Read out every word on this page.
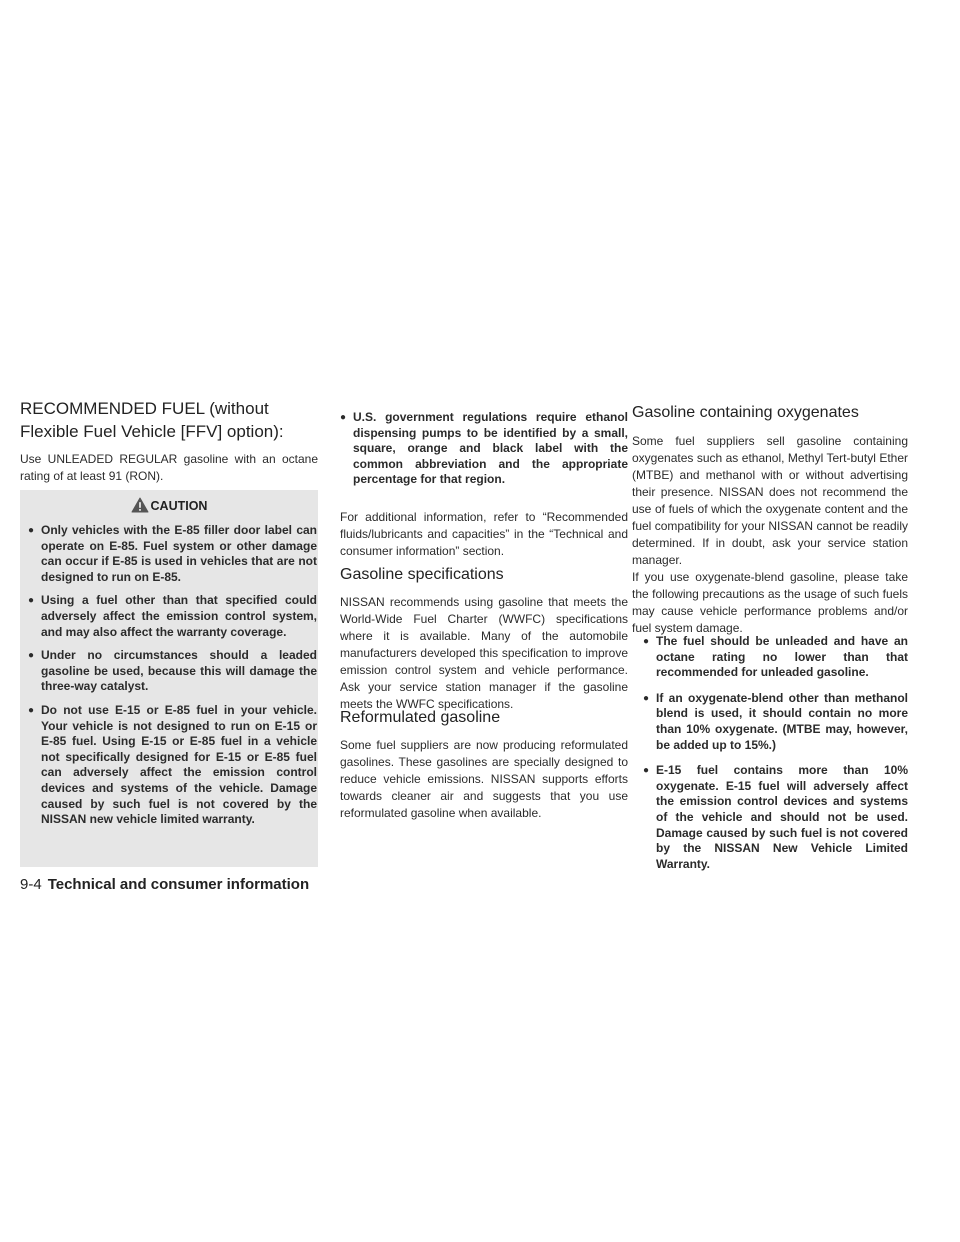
RECOMMENDED FUEL (without
Flexible Fuel Vehicle [FFV] option):

Use UNLEADED REGULAR gasoline with an octane rating of at least 91 (RON).

CAUTION
● Only vehicles with the E-85 filler door label can operate on E-85. Fuel system or other damage can occur if E-85 is used in vehicles that are not designed to run on E-85.
● Using a fuel other than that specified could adversely affect the emission control system, and may also affect the warranty coverage.
● Under no circumstances should a leaded gasoline be used, because this will damage the three-way catalyst.
● Do not use E-15 or E-85 fuel in your vehicle. Your vehicle is not designed to run on E-15 or E-85 fuel. Using E-15 or E-85 fuel in a vehicle not specifically designed for E-15 or E-85 fuel can adversely affect the emission control devices and systems of the vehicle. Damage caused by such fuel is not covered by the NISSAN new vehicle limited warranty.
● U.S. government regulations require ethanol dispensing pumps to be identified by a small, square, orange and black label with the common abbreviation and the appropriate percentage for that region.

For additional information, refer to “Recommended fluids/lubricants and capacities” in the “Technical and consumer information” section.

Gasoline specifications

NISSAN recommends using gasoline that meets the World-Wide Fuel Charter (WWFC) specifications where it is available. Many of the automobile manufacturers developed this specification to improve emission control system and vehicle performance. Ask your service station manager if the gasoline meets the WWFC specifications.

Reformulated gasoline

Some fuel suppliers are now producing reformulated gasolines. These gasolines are specially designed to reduce vehicle emissions. NISSAN supports efforts towards cleaner air and suggests that you use reformulated gasoline when available.

Gasoline containing oxygenates

Some fuel suppliers sell gasoline containing oxygenates such as ethanol, Methyl Tert-butyl Ether (MTBE) and methanol with or without advertising their presence. NISSAN does not recommend the use of fuels of which the oxygenate content and the fuel compatibility for your NISSAN cannot be readily determined. If in doubt, ask your service station manager.

If you use oxygenate-blend gasoline, please take the following precautions as the usage of such fuels may cause vehicle performance problems and/or fuel system damage.

● The fuel should be unleaded and have an octane rating no lower than that recommended for unleaded gasoline.
● If an oxygenate-blend other than methanol blend is used, it should contain no more than 10% oxygenate. (MTBE may, however, be added up to 15%.)
● E-15 fuel contains more than 10% oxygenate. E-15 fuel will adversely affect the emission control devices and systems of the vehicle and should not be used. Damage caused by such fuel is not covered by the NISSAN New Vehicle Limited Warranty.
9-4 Technical and consumer information
